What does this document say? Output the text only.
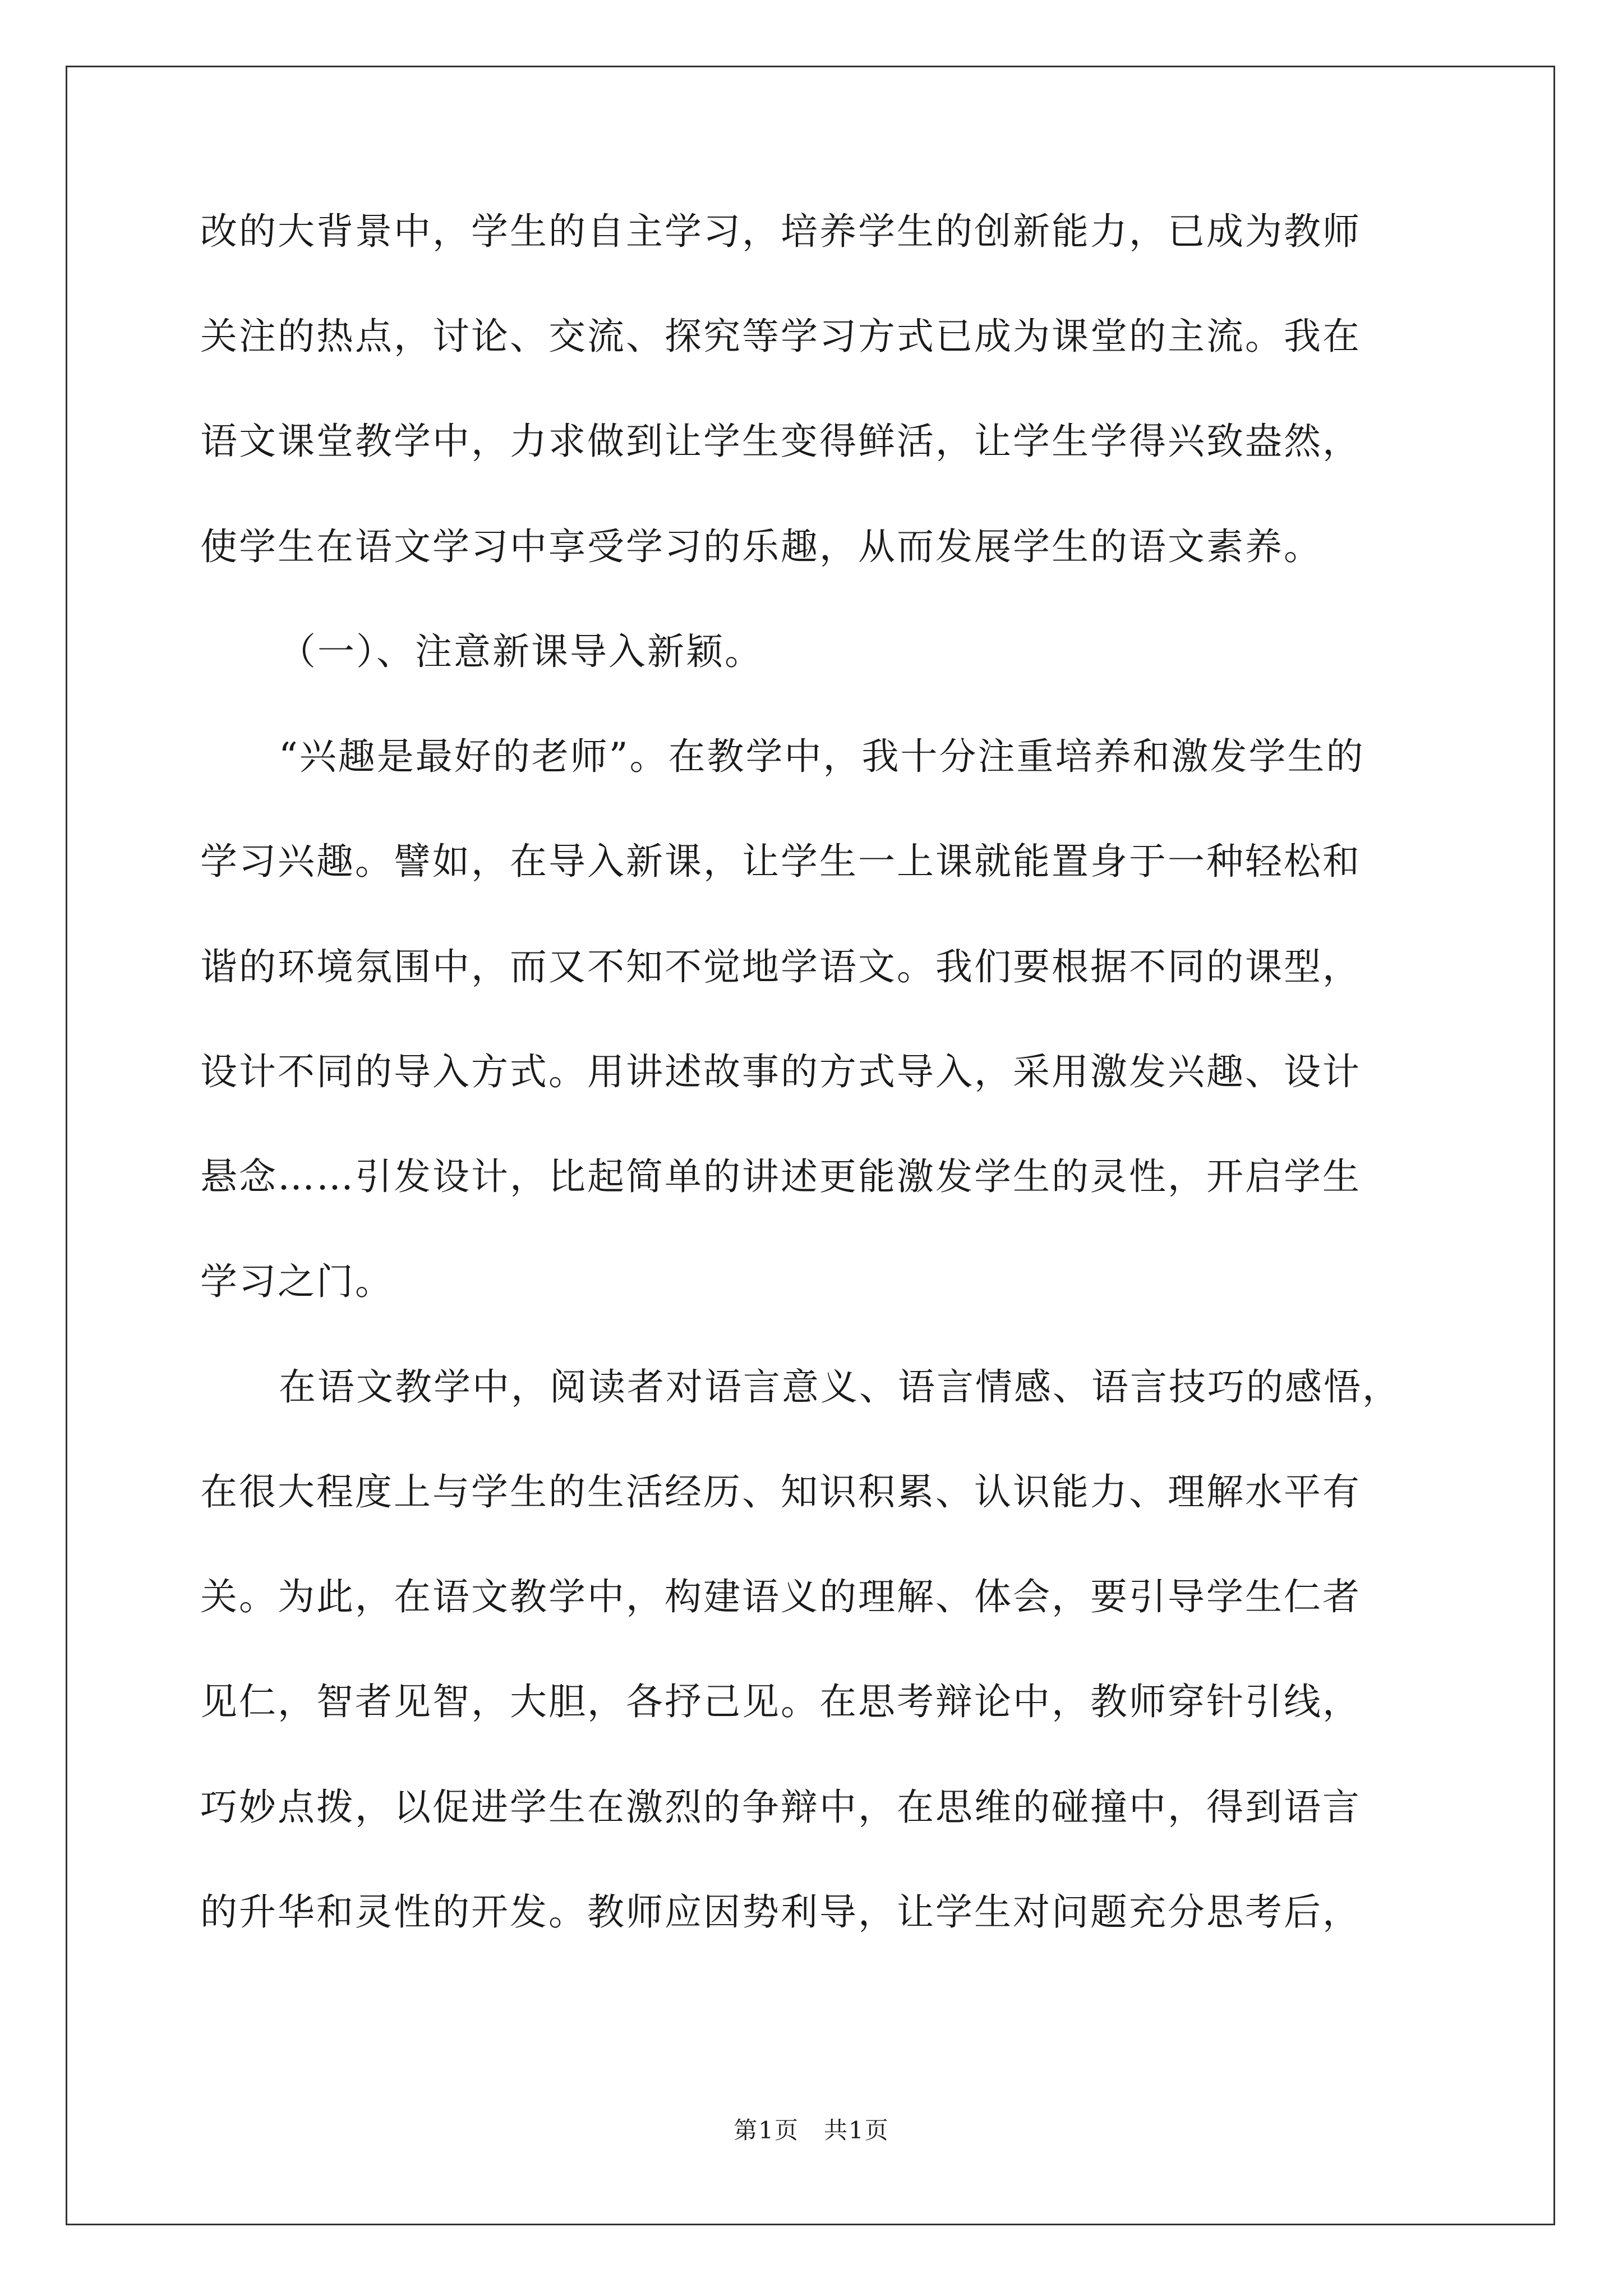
改的大背景中，学生的自主学习，培养学生的创新能力，已成为教师
关注的热点，讨论、交流、探究等学习方式已成为课堂的主流。我在
语文课堂教学中，力求做到让学生变得鲜活，让学生学得兴致盎然，
使学生在语文学习中享受学习的乐趣，从而发展学生的语文素养。
（一）、注意新课导入新颖。
“兴趣是最好的老师”。在教学中，我十分注重培养和激发学生的
学习兴趣。譬如，在导入新课，让学生一上课就能置身于一种轻松和
谐的环境氛围中，而又不知不觉地学语文。我们要根据不同的课型，
设计不同的导入方式。用讲述故事的方式导入，采用激发兴趣、设计
悬念……引发设计，比起简单的讲述更能激发学生的灵性，开启学生
学习之门。
在语文教学中，阅读者对语言意义、语言情感、语言技巧的感悟，
在很大程度上与学生的生活经历、知识积累、认识能力、理解水平有
关。为此，在语文教学中，构建语义的理解、体会，要引导学生仁者
见仁，智者见智，大胆，各抒己见。在思考辩论中，教师穿针引线，
巧妙点拨，以促进学生在激烈的争辩中，在思维的碰撞中，得到语言
的升华和灵性的开发。教师应因势利导，让学生对问题充分思考后，
第1页　共1页
